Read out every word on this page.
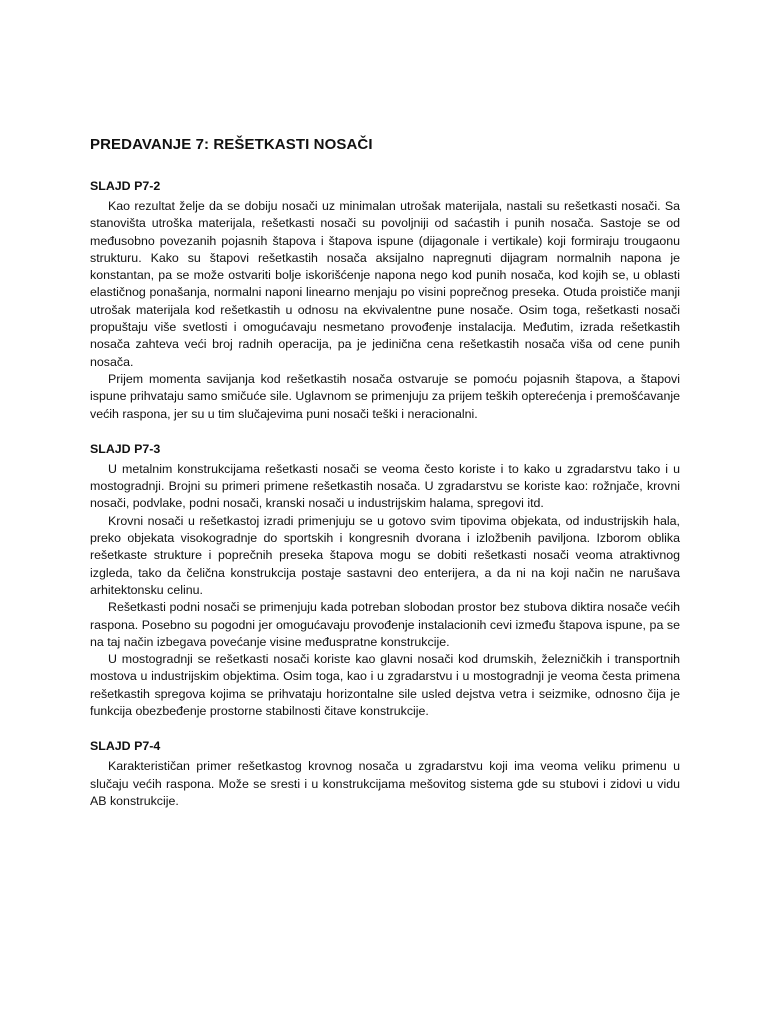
PREDAVANJE 7: REŠETKASTI NOSAČI
SLAJD P7-2

Kao rezultat želje da se dobiju nosači uz minimalan utrošak materijala, nastali su rešetkasti nosači. Sa stanovišta utroška materijala, rešetkasti nosači su povoljniji od saćastih i punih nosača. Sastoje se od međusobno povezanih pojasnih štapova i štapova ispune (dijagonale i vertikale) koji formiraju trougaonu strukturu. Kako su štapovi rešetkastih nosača aksijalno napregnuti dijagram normalnih napona je konstantan, pa se može ostvariti bolje iskorišćenje napona nego kod punih nosača, kod kojih se, u oblasti elastičnog ponašanja, normalni naponi linearno menjaju po visini poprečnog preseka. Otuda proističe manji utrošak materijala kod rešetkastih u odnosu na ekvivalentne pune nosače. Osim toga, rešetkasti nosači propuštaju više svetlosti i omogućavaju nesmetano provođenje instalacija. Međutim, izrada rešetkastih nosača zahteva veći broj radnih operacija, pa je jedinična cena rešetkastih nosača viša od cene punih nosača.

Prijem momenta savijanja kod rešetkastih nosača ostvaruje se pomoću pojasnih štapova, a štapovi ispune prihvataju samo smičuće sile. Uglavnom se primenjuju za prijem teških opterećenja i premošćavanje većih raspona, jer su u tim slučajevima puni nosači teški i neracionalni.

SLAJD P7-3

U metalnim konstrukcijama rešetkasti nosači se veoma često koriste i to kako u zgradarstvu tako i u mostogradnji. Brojni su primeri primene rešetkastih nosača. U zgradarstvu se koriste kao: rožnjače, krovni nosači, podvlake, podni nosači, kranski nosači u industrijskim halama, spregovi itd.

Krovni nosači u rešetkastoj izradi primenjuju se u gotovo svim tipovima objekata, od industrijskih hala, preko objekata visokogradnje do sportskih i kongresnih dvorana i izložbenih paviljona. Izborom oblika rešetkaste strukture i poprečnih preseka štapova mogu se dobiti rešetkasti nosači veoma atraktivnog izgleda, tako da čelična konstrukcija postaje sastavni deo enterijera, a da ni na koji način ne narušava arhitektonsku celinu.

Rešetkasti podni nosači se primenjuju kada potreban slobodan prostor bez stubova diktira nosače većih raspona. Posebno su pogodni jer omogućavaju provođenje instalacionih cevi između štapova ispune, pa se na taj način izbegava povećanje visine međuspratne konstrukcije.

U mostogradnji se rešetkasti nosači koriste kao glavni nosači kod drumskih, železničkih i transportnih mostova u industrijskim objektima. Osim toga, kao i u zgradarstvu i u mostogradnji je veoma česta primena rešetkastih spregova kojima se prihvataju horizontalne sile usled dejstva vetra i seizmike, odnosno čija je funkcija obezbeđenje prostorne stabilnosti čitave konstrukcije.

SLAJD P7-4

Karakterističan primer rešetkastog krovnog nosača u zgradarstvu koji ima veoma veliku primenu u slučaju većih raspona. Može se sresti i u konstrukcijama mešovitog sistema gde su stubovi i zidovi u vidu AB konstrukcije.
